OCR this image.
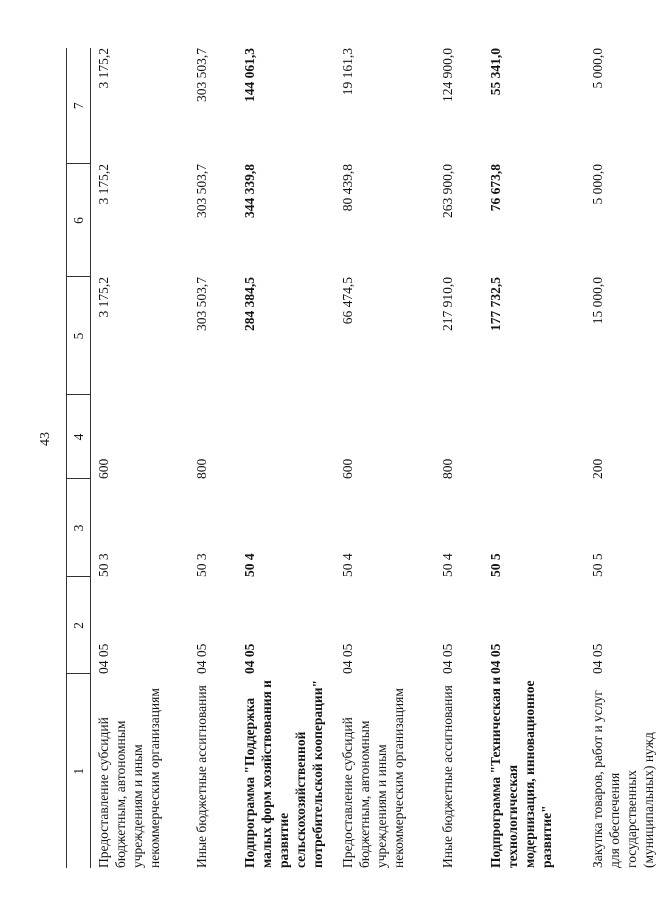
43
1	2	3	4	5	6	7
Предоставление субсидий бюджетным, автономным учреждениям и иным некоммерческим организациям	04 05	50 3	600	3 175,2	3 175,2	3 175,2
Иные бюджетные ассигнования	04 05	50 3	800	303 503,7	303 503,7	303 503,7
Подпрограмма "Поддержка малых форм хозяйствования и развитие сельскохозяйственной потребительской кооперации"	04 05	50 4		284 384,5	344 339,8	144 061,3
Предоставление субсидий бюджетным, автономным учреждениям и иным некоммерческим организациям	04 05	50 4	600	66 474,5	80 439,8	19 161,3
Иные бюджетные ассигнования	04 05	50 4	800	217 910,0	263 900,0	124 900,0
Подпрограмма "Техническая и технологическая модернизация, инновационное развитие"	04 05	50 5		177 732,5	76 673,8	55 341,0
Закупка товаров, работ и услуг для обеспечения государственных (муниципальных) нужд	04 05	50 5	200	15 000,0	5 000,0	5 000,0
